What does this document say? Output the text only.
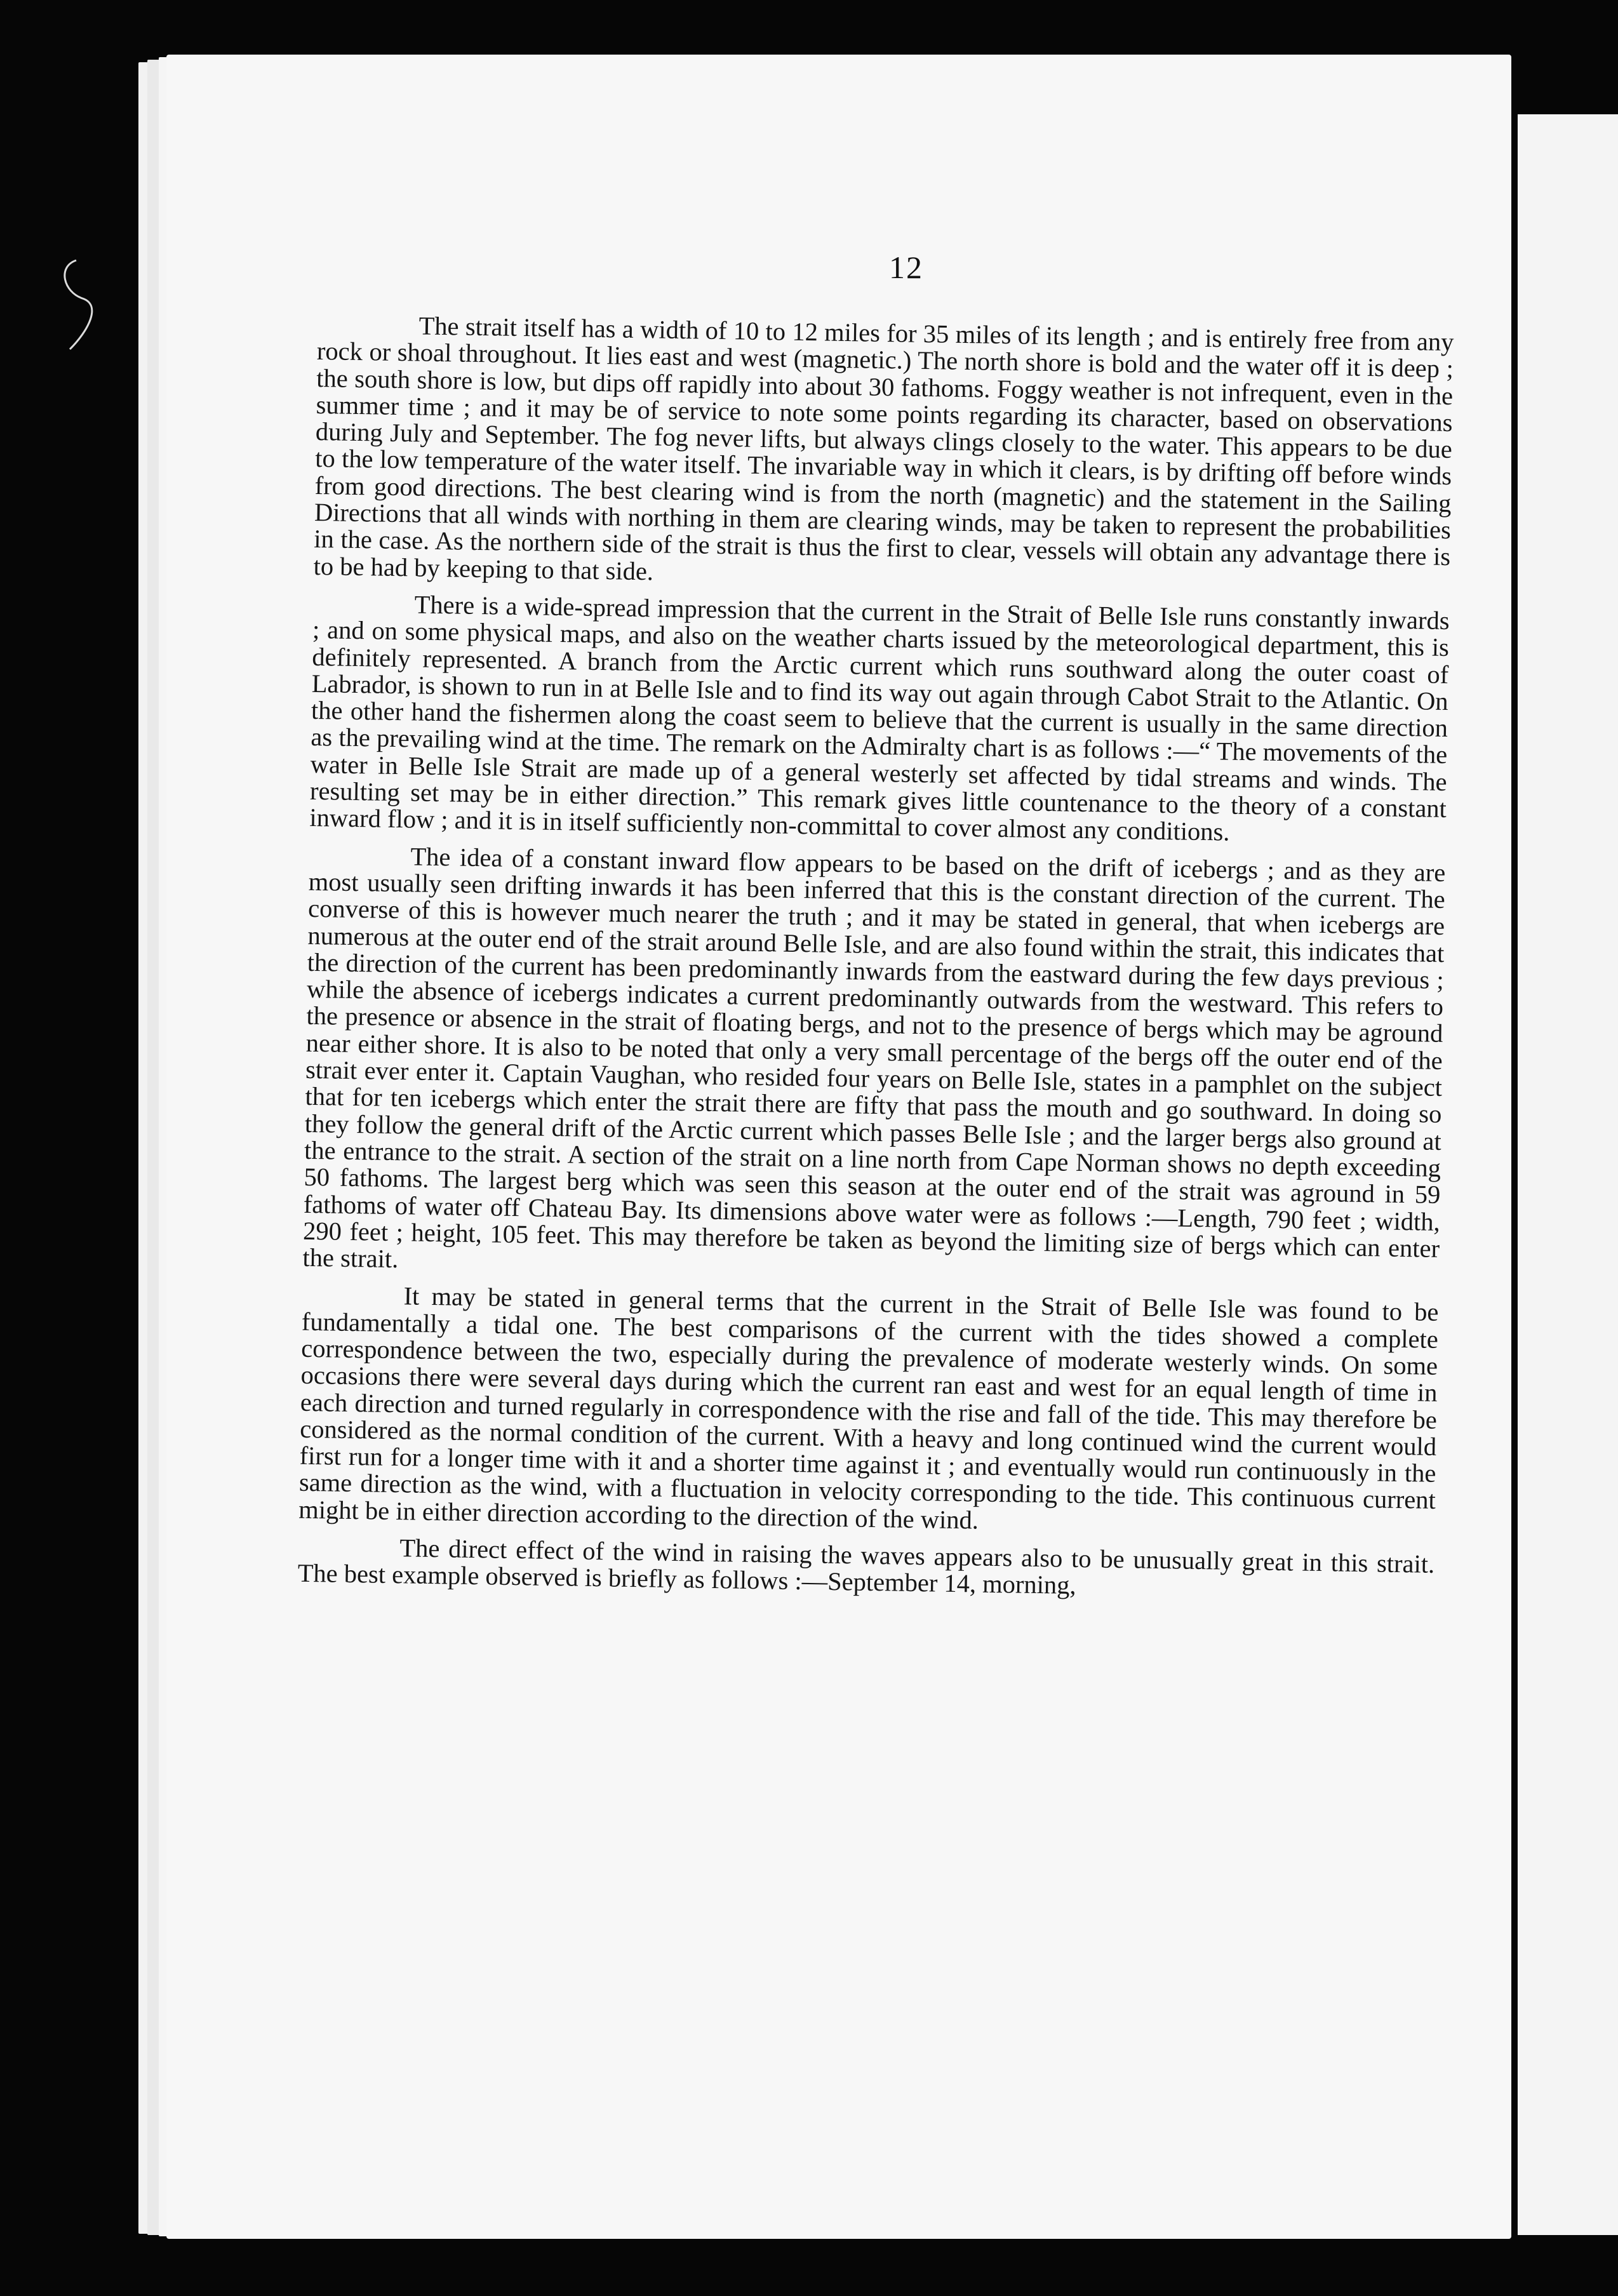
12

The strait itself has a width of 10 to 12 miles for 35 miles of its length ; and is entirely free from any rock or shoal throughout. It lies east and west (magnetic.) The north shore is bold and the water off it is deep ; the south shore is low, but dips off rapidly into about 30 fathoms. Foggy weather is not infrequent, even in the summer time ; and it may be of service to note some points regarding its character, based on observations during July and September. The fog never lifts, but always clings closely to the water. This appears to be due to the low temperature of the water itself. The invariable way in which it clears, is by drifting off before winds from good directions. The best clearing wind is from the north (magnetic) and the statement in the Sailing Directions that all winds with northing in them are clearing winds, may be taken to represent the probabilities in the case. As the northern side of the strait is thus the first to clear, vessels will obtain any advantage there is to be had by keeping to that side.

There is a wide-spread impression that the current in the Strait of Belle Isle runs constantly inwards ; and on some physical maps, and also on the weather charts issued by the meteorological department, this is definitely represented. A branch from the Arctic current which runs southward along the outer coast of Labrador, is shown to run in at Belle Isle and to find its way out again through Cabot Strait to the Atlantic. On the other hand the fishermen along the coast seem to believe that the current is usually in the same direction as the prevailing wind at the time. The remark on the Admiralty chart is as follows :—“ The movements of the water in Belle Isle Strait are made up of a general westerly set affected by tidal streams and winds. The resulting set may be in either direction.” This remark gives little countenance to the theory of a constant inward flow ; and it is in itself sufficiently non-committal to cover almost any conditions.

The idea of a constant inward flow appears to be based on the drift of icebergs ; and as they are most usually seen drifting inwards it has been inferred that this is the constant direction of the current. The converse of this is however much nearer the truth ; and it may be stated in general, that when icebergs are numerous at the outer end of the strait around Belle Isle, and are also found within the strait, this indicates that the direction of the current has been predominantly inwards from the eastward during the few days previous ; while the absence of icebergs indicates a current predominantly outwards from the westward. This refers to the presence or absence in the strait of floating bergs, and not to the presence of bergs which may be aground near either shore. It is also to be noted that only a very small percentage of the bergs off the outer end of the strait ever enter it. Captain Vaughan, who resided four years on Belle Isle, states in a pamphlet on the subject that for ten icebergs which enter the strait there are fifty that pass the mouth and go southward. In doing so they follow the general drift of the Arctic current which passes Belle Isle ; and the larger bergs also ground at the entrance to the strait. A section of the strait on a line north from Cape Norman shows no depth exceeding 50 fathoms. The largest berg which was seen this season at the outer end of the strait was aground in 59 fathoms of water off Chateau Bay. Its dimensions above water were as follows :—Length, 790 feet ; width, 290 feet ; height, 105 feet. This may therefore be taken as beyond the limiting size of bergs which can enter the strait.

It may be stated in general terms that the current in the Strait of Belle Isle was found to be fundamentally a tidal one. The best comparisons of the current with the tides showed a complete correspondence between the two, especially during the prevalence of moderate westerly winds. On some occasions there were several days during which the current ran east and west for an equal length of time in each direction and turned regularly in correspondence with the rise and fall of the tide. This may therefore be considered as the normal condition of the current. With a heavy and long continued wind the current would first run for a longer time with it and a shorter time against it ; and eventually would run continuously in the same direction as the wind, with a fluctuation in velocity corresponding to the tide. This continuous current might be in either direction according to the direction of the wind.

The direct effect of the wind in raising the waves appears also to be unusually great in this strait. The best example observed is briefly as follows :—September 14, morning,
